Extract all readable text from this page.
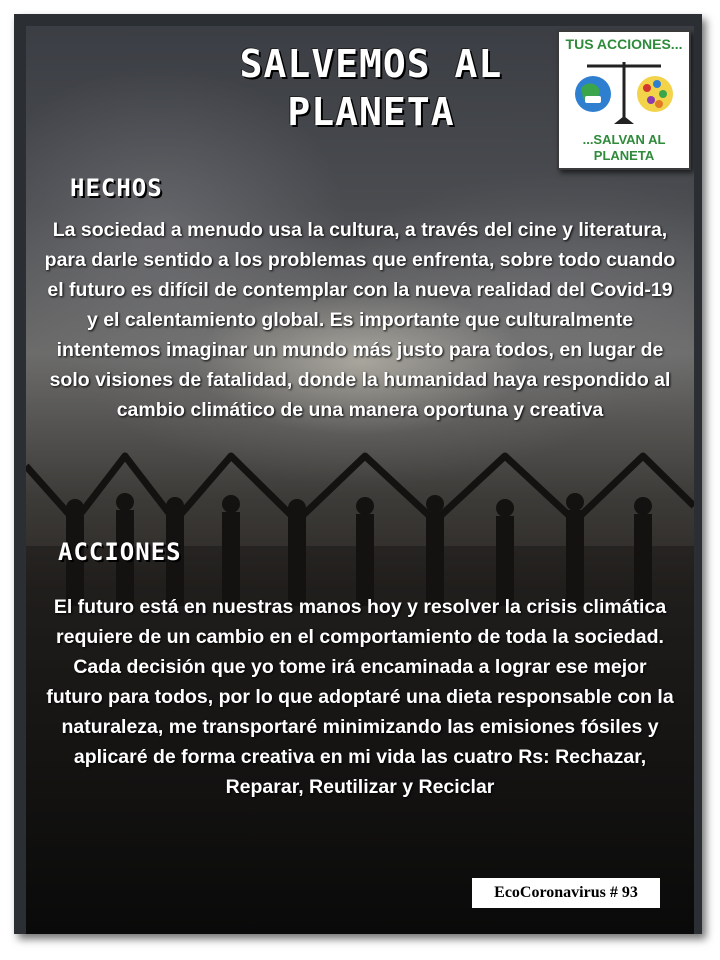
SALVEMOS AL PLANETA
TUS ACCIONES...
...SALVAN AL PLANETA
HECHOS
La sociedad a menudo usa la cultura, a través del cine y literatura, para darle sentido a los problemas que enfrenta, sobre todo cuando el futuro es difícil de contemplar con la nueva realidad del Covid-19 y el calentamiento global. Es importante que culturalmente intentemos imaginar un mundo más justo para todos, en lugar de solo visiones de fatalidad, donde la humanidad haya respondido al cambio climático de una manera oportuna y creativa
ACCIONES
El futuro está en nuestras manos hoy y resolver la crisis climática requiere de un cambio en el comportamiento de toda la sociedad. Cada decisión que yo tome irá encaminada a lograr ese mejor futuro para todos, por lo que adoptaré una dieta responsable con la naturaleza, me transportaré minimizando las emisiones fósiles y aplicaré de forma creativa en mi vida las cuatro Rs: Rechazar, Reparar, Reutilizar y Reciclar
EcoCoronavirus # 93
